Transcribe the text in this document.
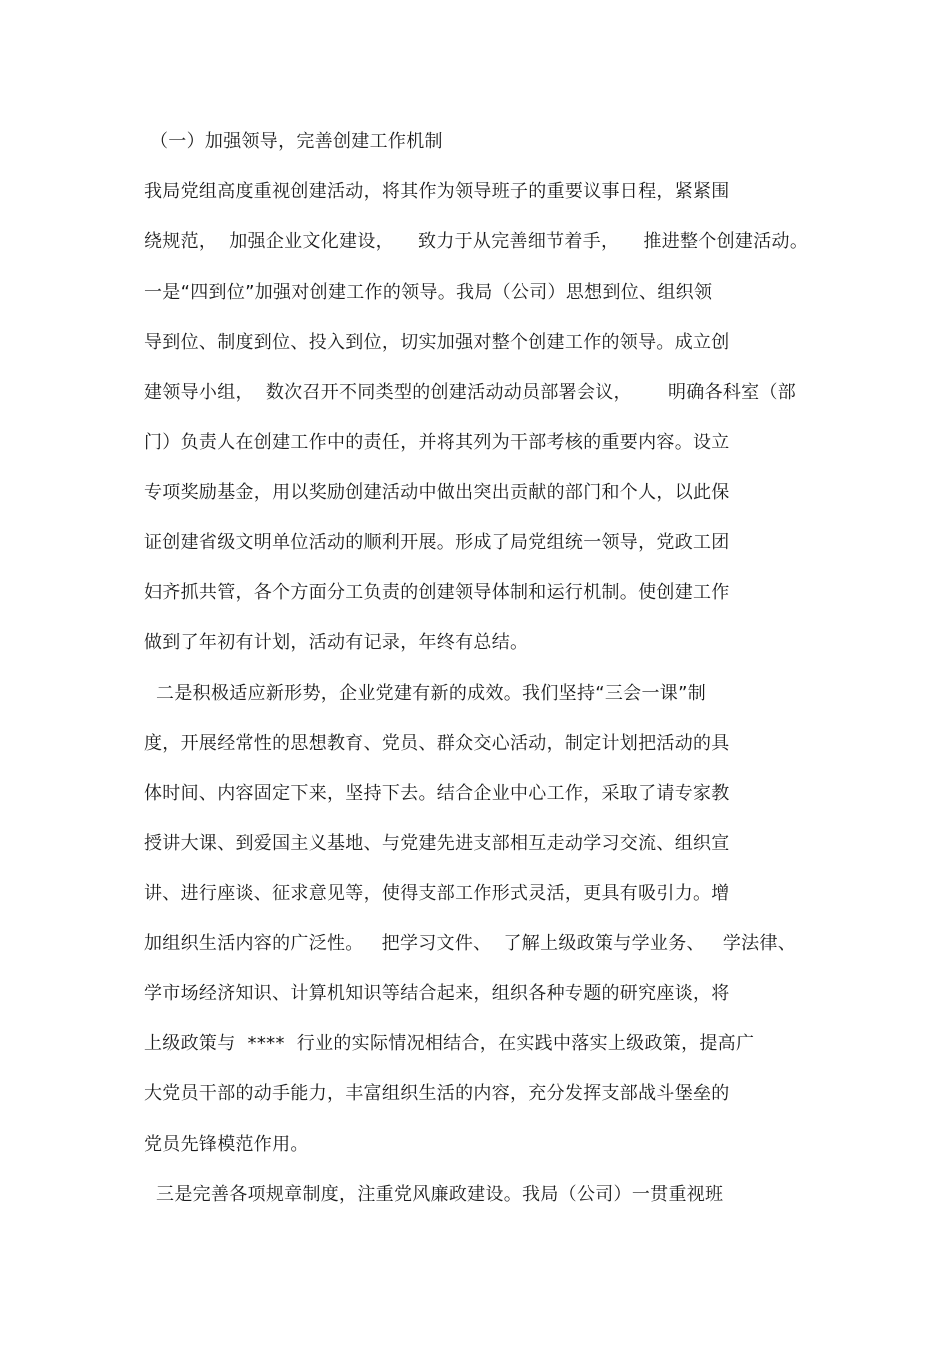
（一）加强领导，完善创建工作机制
我局党组高度重视创建活动，将其作为领导班子的重要议事日程，紧紧围
绕规范，  加强企业文化建设，    致力于从完善细节着手，    推进整个创建活动。
一是“四到位”加强对创建工作的领导。我局（公司）思想到位、组织领
导到位、制度到位、投入到位，切实加强对整个创建工作的领导。成立创
建领导小组，  数次召开不同类型的创建活动动员部署会议，      明确各科室（部
门）负责人在创建工作中的责任，并将其列为干部考核的重要内容。设立
专项奖励基金，用以奖励创建活动中做出突出贡献的部门和个人，以此保
证创建省级文明单位活动的顺利开展。形成了局党组统一领导，党政工团
妇齐抓共管，各个方面分工负责的创建领导体制和运行机制。使创建工作
做到了年初有计划，活动有记录，年终有总结。
二是积极适应新形势，企业党建有新的成效。我们坚持“三会一课”制
度，开展经常性的思想教育、党员、群众交心活动，制定计划把活动的具
体时间、内容固定下来，坚持下去。结合企业中心工作，采取了请专家教
授讲大课、到爱国主义基地、与党建先进支部相互走动学习交流、组织宣
讲、进行座谈、征求意见等，使得支部工作形式灵活，更具有吸引力。增
加组织生活内容的广泛性。   把学习文件、  了解上级政策与学业务、   学法律、
学市场经济知识、计算机知识等结合起来，组织各种专题的研究座谈，将
上级政策与  ****  行业的实际情况相结合，在实践中落实上级政策，提高广
大党员干部的动手能力，丰富组织生活的内容，充分发挥支部战斗堡垒的
党员先锋模范作用。
三是完善各项规章制度，注重党风廉政建设。我局（公司）一贯重视班
